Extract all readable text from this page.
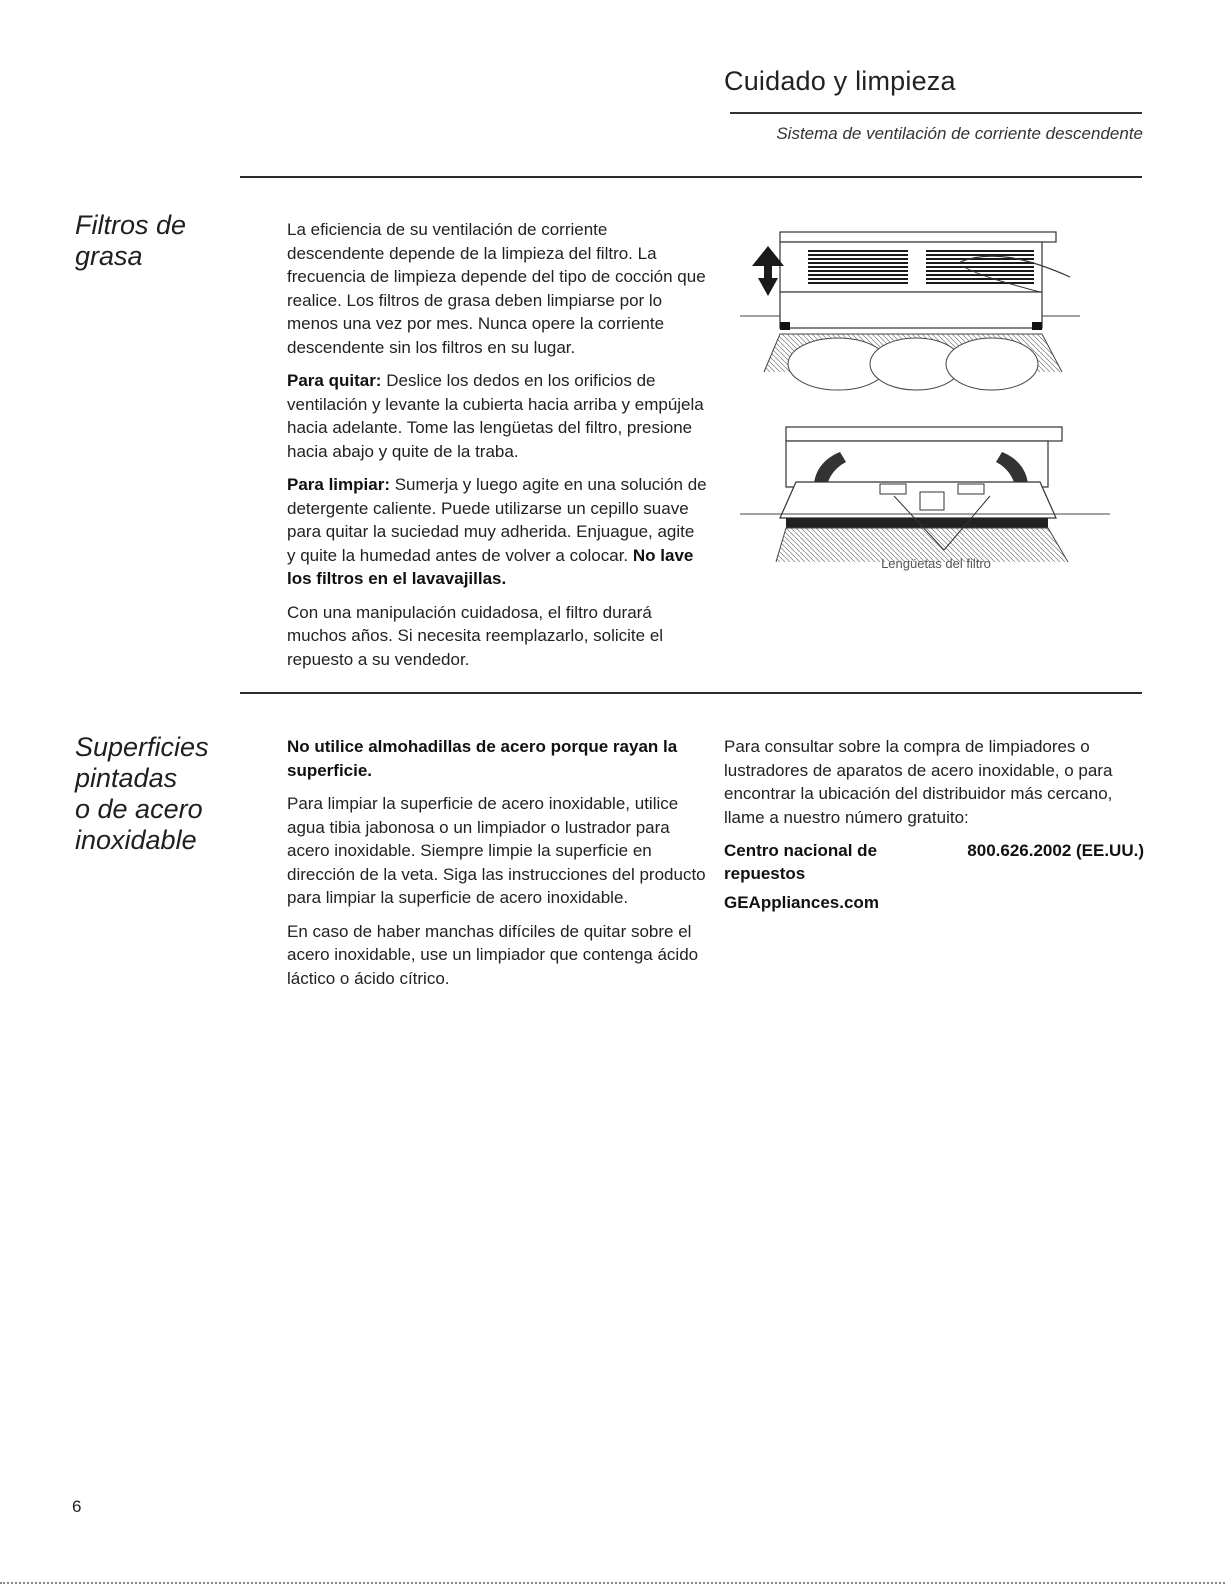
Cuidado y limpieza
Sistema de ventilación de corriente descendente
Filtros de
grasa

La eficiencia de su ventilación de corriente descendente depende de la limpieza del filtro. La frecuencia de limpieza depende del tipo de cocción que realice. Los filtros de grasa deben limpiarse por lo menos una vez por mes. Nunca opere la corriente descendente sin los filtros en su lugar.

Para quitar: Deslice los dedos en los orificios de ventilación y levante la cubierta hacia arriba y empújela hacia adelante. Tome las lengüetas del filtro, presione hacia abajo y quite de la traba.

Para limpiar: Sumerja y luego agite en una solución de detergente caliente. Puede utilizarse un cepillo suave para quitar la suciedad muy adherida. Enjuague, agite y quite la humedad antes de volver a colocar. No lave los filtros en el lavavajillas.

Con una manipulación cuidadosa, el filtro durará muchos años. Si necesita reemplazarlo, solicite el repuesto a su vendedor.

Lengüetas del filtro
Superficies
pintadas
o de acero
inoxidable

No utilice almohadillas de acero porque rayan la superficie.

Para limpiar la superficie de acero inoxidable, utilice agua tibia jabonosa o un limpiador o lustrador para acero inoxidable. Siempre limpie la superficie en dirección de la veta. Siga las instrucciones del producto para limpiar la superficie de acero inoxidable.

En caso de haber manchas difíciles de quitar sobre el acero inoxidable, use un limpiador que contenga ácido láctico o ácido cítrico.

Para consultar sobre la compra de limpiadores o lustradores de aparatos de acero inoxidable, o para encontrar la ubicación del distribuidor más cercano, llame a nuestro número gratuito:

Centro nacional de repuestos
800.626.2002 (EE.UU.)
GEAppliances.com
6
